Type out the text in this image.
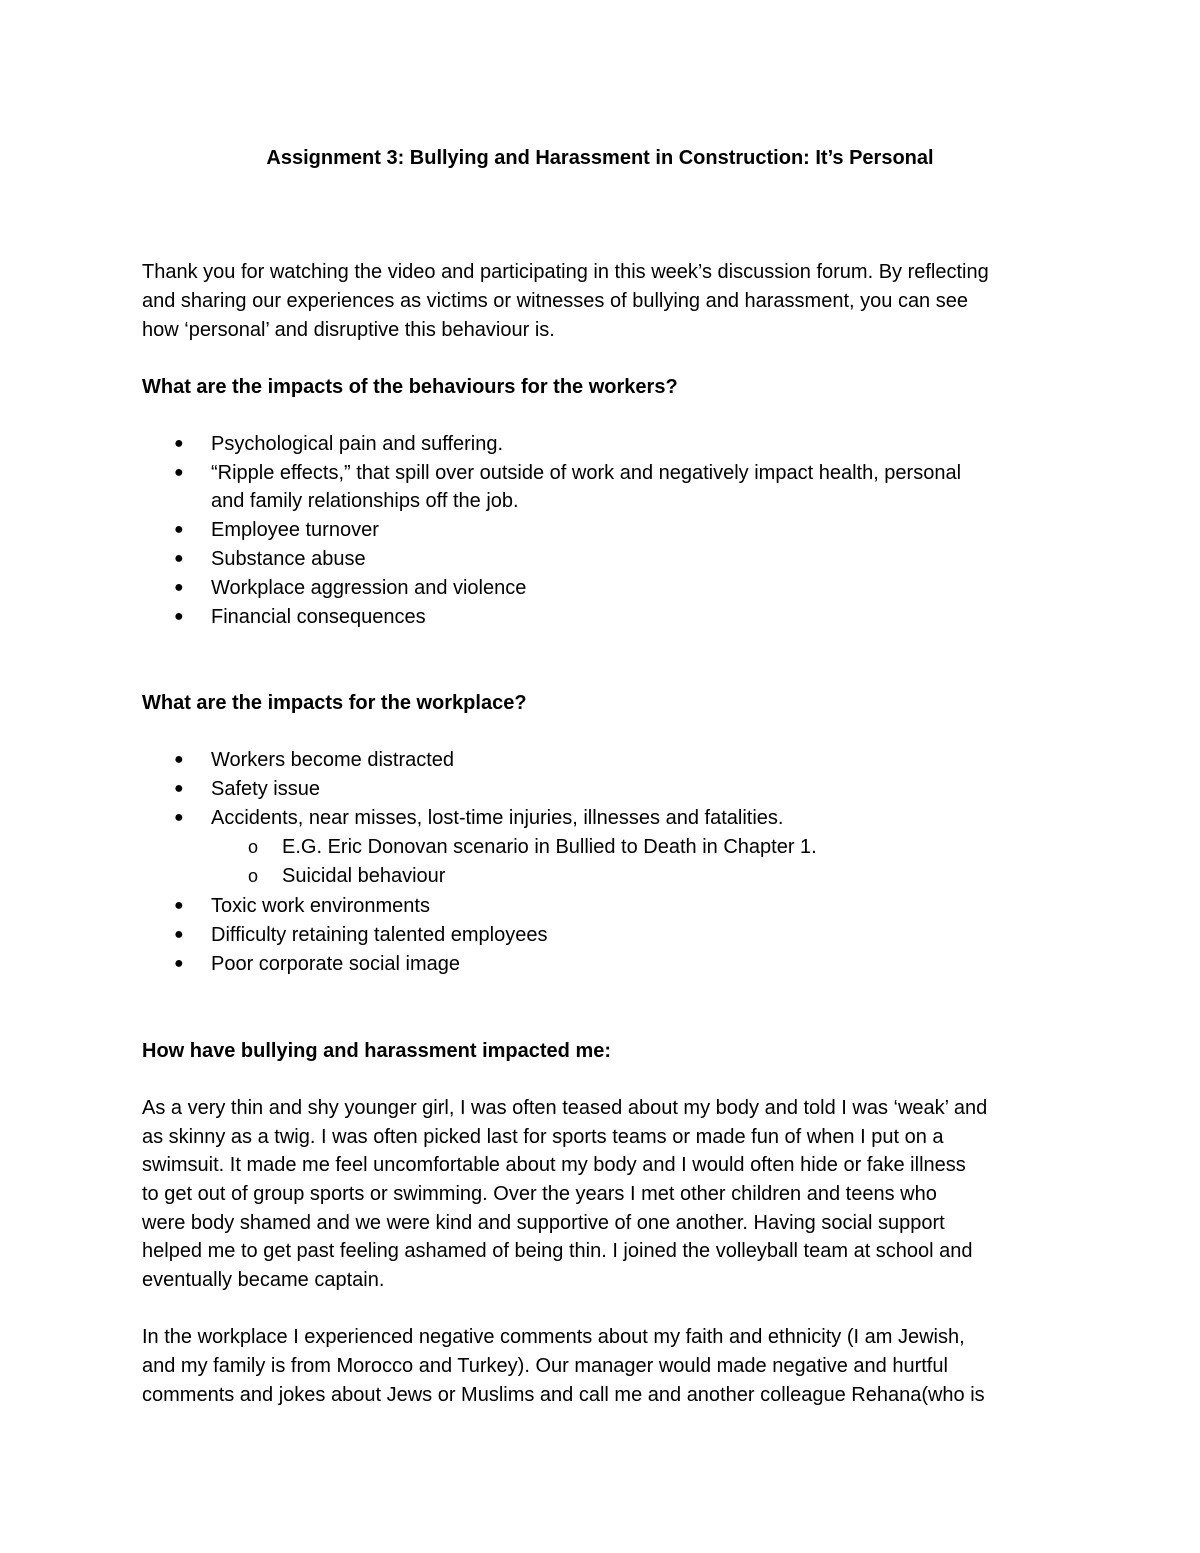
Assignment 3: Bullying and Harassment in Construction: It’s Personal
Thank you for watching the video and participating in this week’s discussion forum. By reflecting
and sharing our experiences as victims or witnesses of bullying and harassment, you can see
how ‘personal’ and disruptive this behaviour is.
What are the impacts of the behaviours for the workers?
● Psychological pain and suffering.
● “Ripple effects,” that spill over outside of work and negatively impact health, personal
and family relationships off the job.
● Employee turnover
● Substance abuse
● Workplace aggression and violence
● Financial consequences
What are the impacts for the workplace?
● Workers become distracted
● Safety issue
● Accidents, near misses, lost-time injuries, illnesses and fatalities.
o E.G. Eric Donovan scenario in Bullied to Death in Chapter 1.
o Suicidal behaviour
● Toxic work environments
● Difficulty retaining talented employees
● Poor corporate social image
How have bullying and harassment impacted me:
As a very thin and shy younger girl, I was often teased about my body and told I was ‘weak’ and
as skinny as a twig. I was often picked last for sports teams or made fun of when I put on a
swimsuit. It made me feel uncomfortable about my body and I would often hide or fake illness
to get out of group sports or swimming. Over the years I met other children and teens who
were body shamed and we were kind and supportive of one another. Having social support
helped me to get past feeling ashamed of being thin. I joined the volleyball team at school and
eventually became captain.
In the workplace I experienced negative comments about my faith and ethnicity (I am Jewish,
and my family is from Morocco and Turkey). Our manager would made negative and hurtful
comments and jokes about Jews or Muslims and call me and another colleague Rehana(who is
